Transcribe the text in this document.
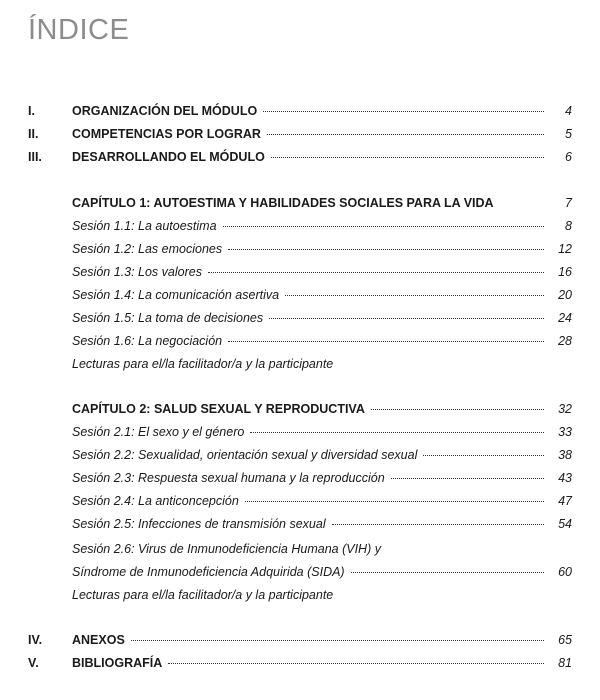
ÍNDICE
I.	ORGANIZACIÓN DEL MÓDULO	4
II.	COMPETENCIAS POR LOGRAR	5
III. DESARROLLANDO EL MÓDULO	6
CAPÍTULO 1: AUTOESTIMA Y HABILIDADES SOCIALES PARA LA VIDA	7
Sesión 1.1: La autoestima	8
Sesión 1.2: Las emociones	12
Sesión 1.3: Los valores	16
Sesión 1.4: La comunicación asertiva	20
Sesión 1.5: La toma de decisiones	24
Sesión 1.6: La negociación	28
Lecturas para el/la facilitador/a y la participante
CAPÍTULO 2: SALUD SEXUAL Y REPRODUCTIVA	32
Sesión 2.1: El sexo y el género	33
Sesión 2.2: Sexualidad, orientación sexual y diversidad sexual	38
Sesión 2.3: Respuesta sexual humana y la reproducción	43
Sesión 2.4: La anticoncepción	47
Sesión 2.5: Infecciones de transmisión sexual	54
Sesión 2.6: Virus de Inmunodeficiencia Humana (VIH) y
Síndrome de Inmunodeficiencia Adquirida (SIDA)	60
Lecturas para el/la facilitador/a y la participante
IV. ANEXOS	65
V.	BIBLIOGRAFÍA	81
